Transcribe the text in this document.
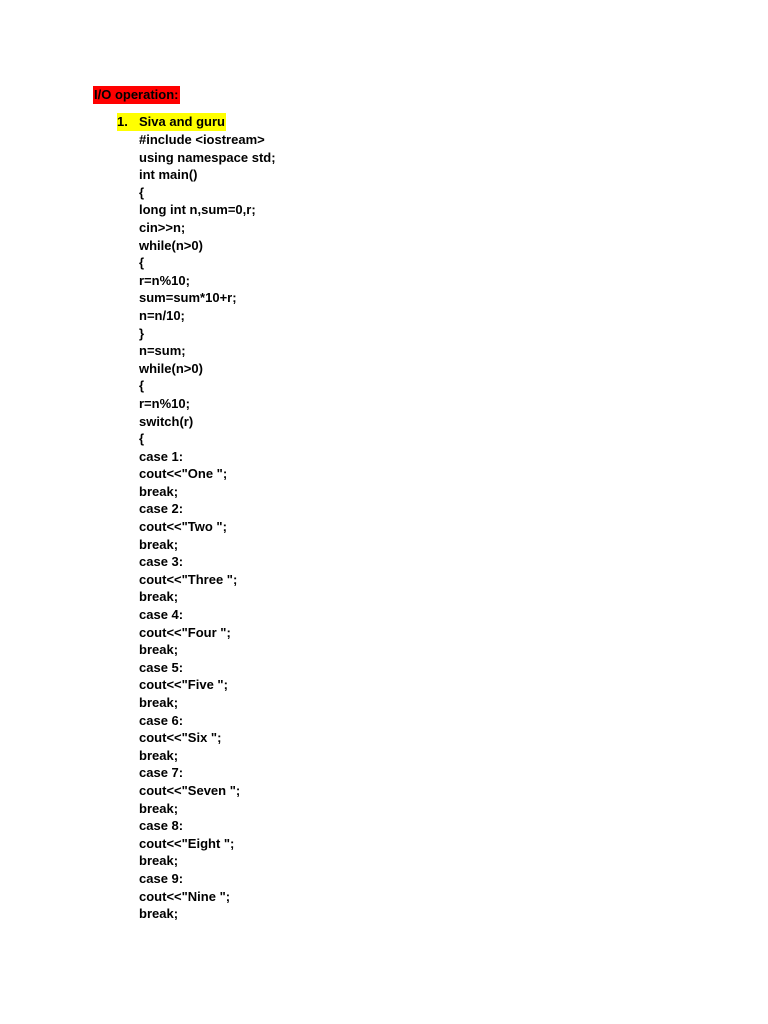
I/O operation:
1. Siva and guru
#include <iostream>
using namespace std;
int main()
{
long int n,sum=0,r;
cin>>n;
while(n>0)
{
r=n%10;
sum=sum*10+r;
n=n/10;
}
n=sum;
while(n>0)
{
r=n%10;
switch(r)
{
case 1:
cout<<"One ";
break;
case 2:
cout<<"Two ";
break;
case 3:
cout<<"Three ";
break;
case 4:
cout<<"Four ";
break;
case 5:
cout<<"Five ";
break;
case 6:
cout<<"Six ";
break;
case 7:
cout<<"Seven ";
break;
case 8:
cout<<"Eight ";
break;
case 9:
cout<<"Nine ";
break;
